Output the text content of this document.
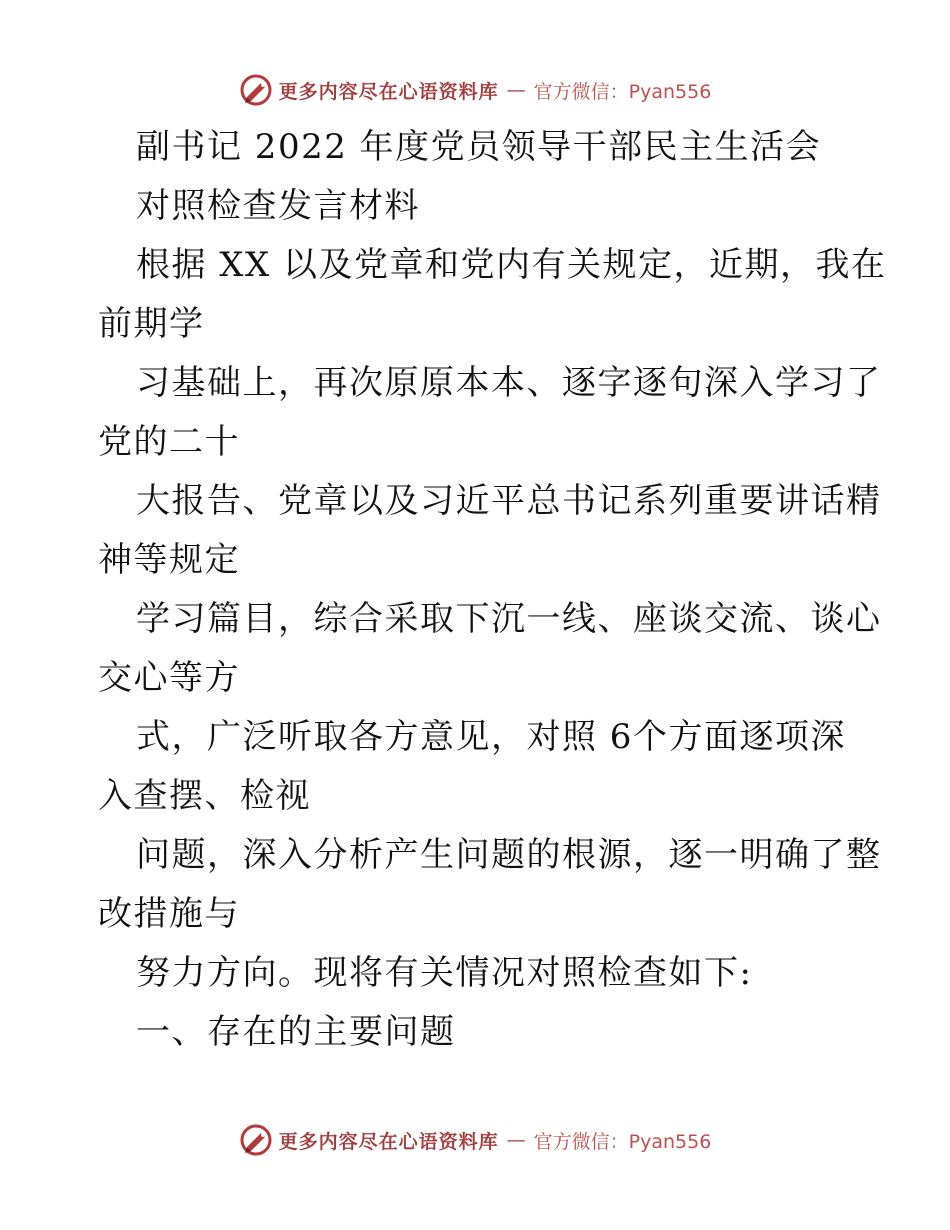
更多内容尽在心语资料库 — 官方微信：Pyan556
副书记 2022 年度党员领导干部民主生活会
对照检查发言材料
根据 XX 以及党章和党内有关规定，近期，我在
前期学
习基础上，再次原原本本、逐字逐句深入学习了
党的二十
大报告、党章以及习近平总书记系列重要讲话精
神等规定
学习篇目，综合采取下沉一线、座谈交流、谈心
交心等方
式，广泛听取各方意见，对照 6个方面逐项深
入查摆、检视
问题，深入分析产生问题的根源，逐一明确了整
改措施与
努力方向。现将有关情况对照检查如下:
一、存在的主要问题
更多内容尽在心语资料库 — 官方微信：Pyan556
